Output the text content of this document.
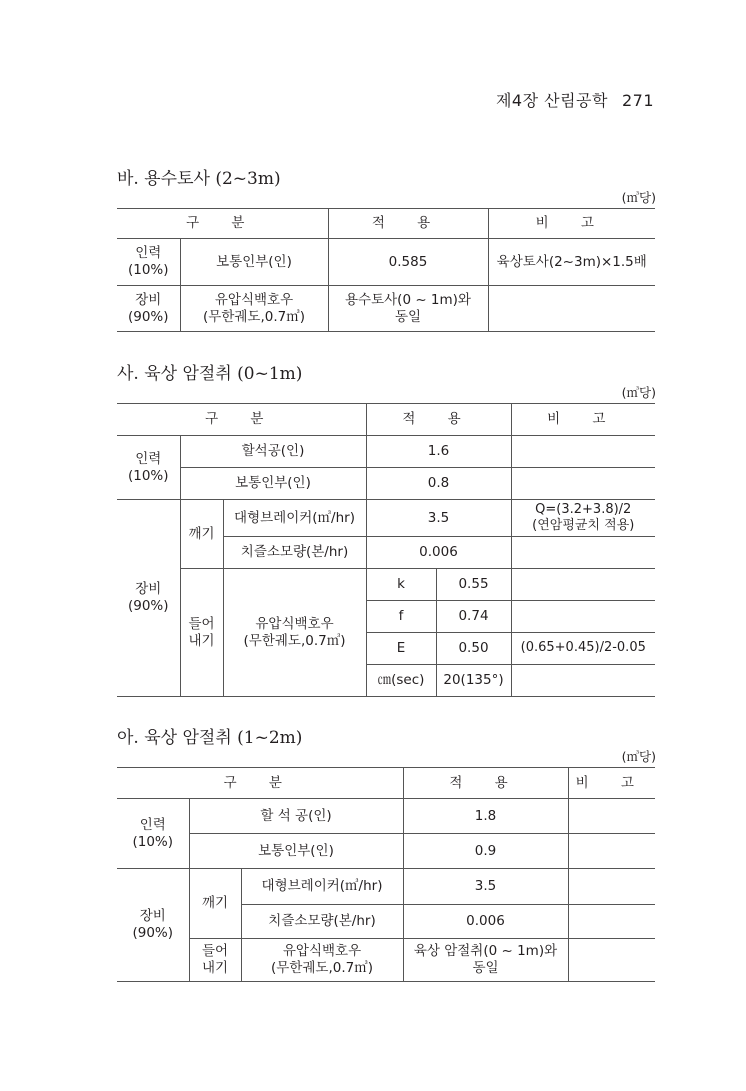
제4장 산림공학 271
바. 용수토사 (2~3m)
(㎥당)
구 분		적 용	비 고
인력
(10%)	보통인부(인)	0.585	육상토사(2~3m)×1.5배
장비
(90%)	유압식백호우
(무한궤도,0.7㎥)	용수토사(0 ~ 1m)와
동일	
사. 육상 암절취 (0~1m)
(㎥당)
구 분			적 용		비 고
인력
(10%)	할석공(인)		1.6		
	보통인부(인)		0.8		
장비
(90%)	깨기	대형브레이커(㎥/hr)	3.5		Q=(3.2+3.8)/2
(연암평균치 적용)
		치즐소모량(본/hr)	0.006		
	들어
내기	유압식백호우
(무한궤도,0.7㎥)	k	0.55	
			f	0.74	
			E	0.50	(0.65+0.45)/2-0.05
			㎝(sec)	20(135°)	
아. 육상 암절취 (1~2m)
(㎥당)
구 분			적 용	비 고
인력
(10%)	할 석 공(인)		1.8	
	보통인부(인)		0.9	
장비
(90%)	깨기	대형브레이커(㎥/hr)	3.5	
		치즐소모량(본/hr)	0.006	
	들어
내기	유압식백호우
(무한궤도,0.7㎥)	육상 암절취(0 ~ 1m)와
동일	
